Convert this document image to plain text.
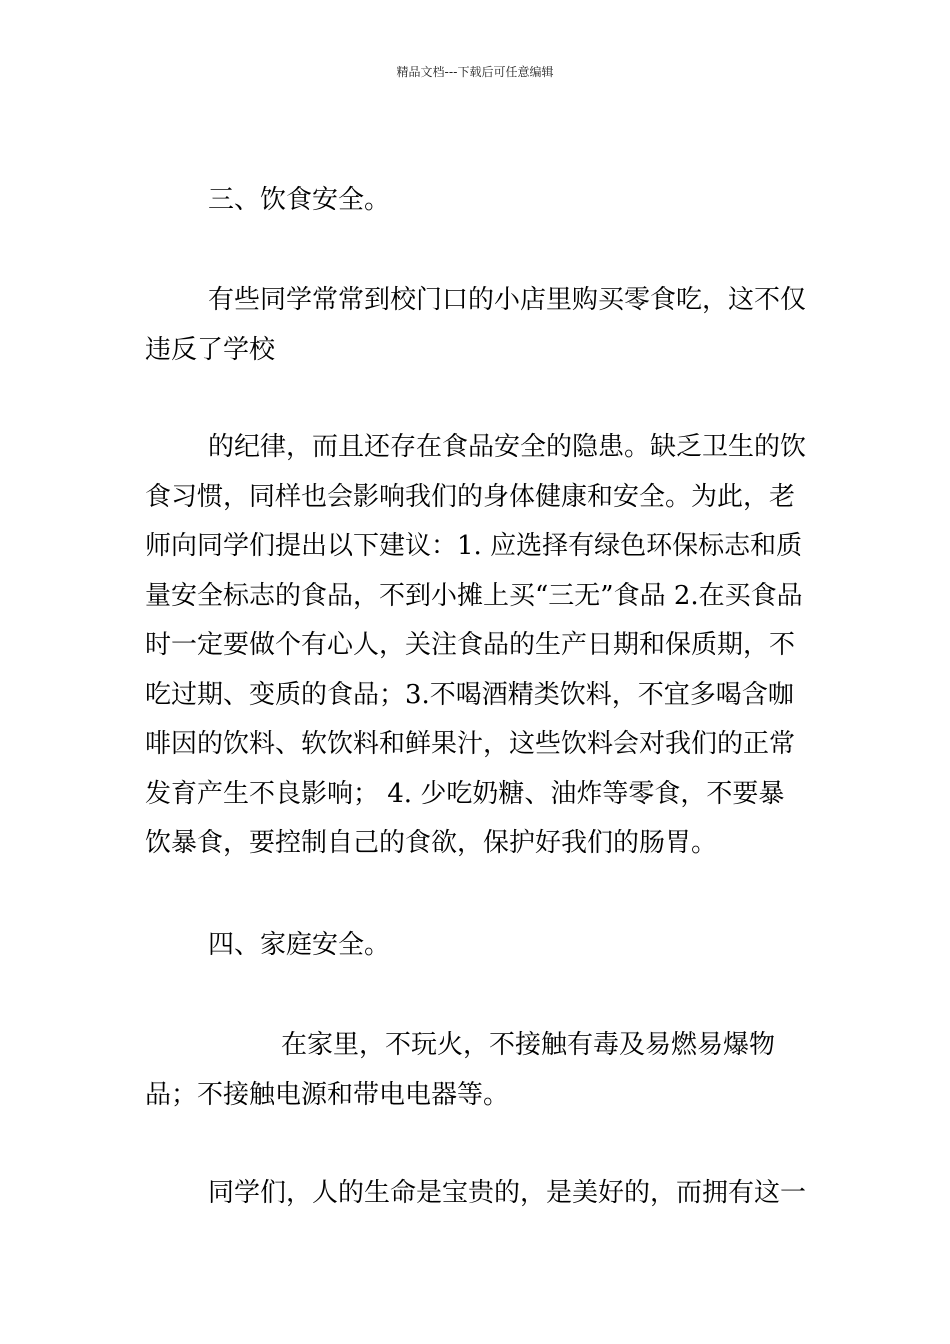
精品文档---下载后可任意编辑

三、饮食安全。

有些同学常常到校门口的小店里购买零食吃，这不仅违反了学校

的纪律，而且还存在食品安全的隐患。缺乏卫生的饮食习惯，同样也会影响我们的身体健康和安全。为此，老师向同学们提出以下建议：1. 应选择有绿色环保标志和质量安全标志的食品，不到小摊上买“三无”食品 2.在买食品时一定要做个有心人，关注食品的生产日期和保质期，不吃过期、变质的食品；3.不喝酒精类饮料，不宜多喝含咖啡因的饮料、软饮料和鲜果汁，这些饮料会对我们的正常发育产生不良影响； 4. 少吃奶糖、油炸等零食，不要暴饮暴食，要控制自己的食欲，保护好我们的肠胃。

四、家庭安全。

在家里，不玩火，不接触有毒及易燃易爆物品；不接触电源和带电电器等。

同学们，人的生命是宝贵的，是美好的，而拥有这一
